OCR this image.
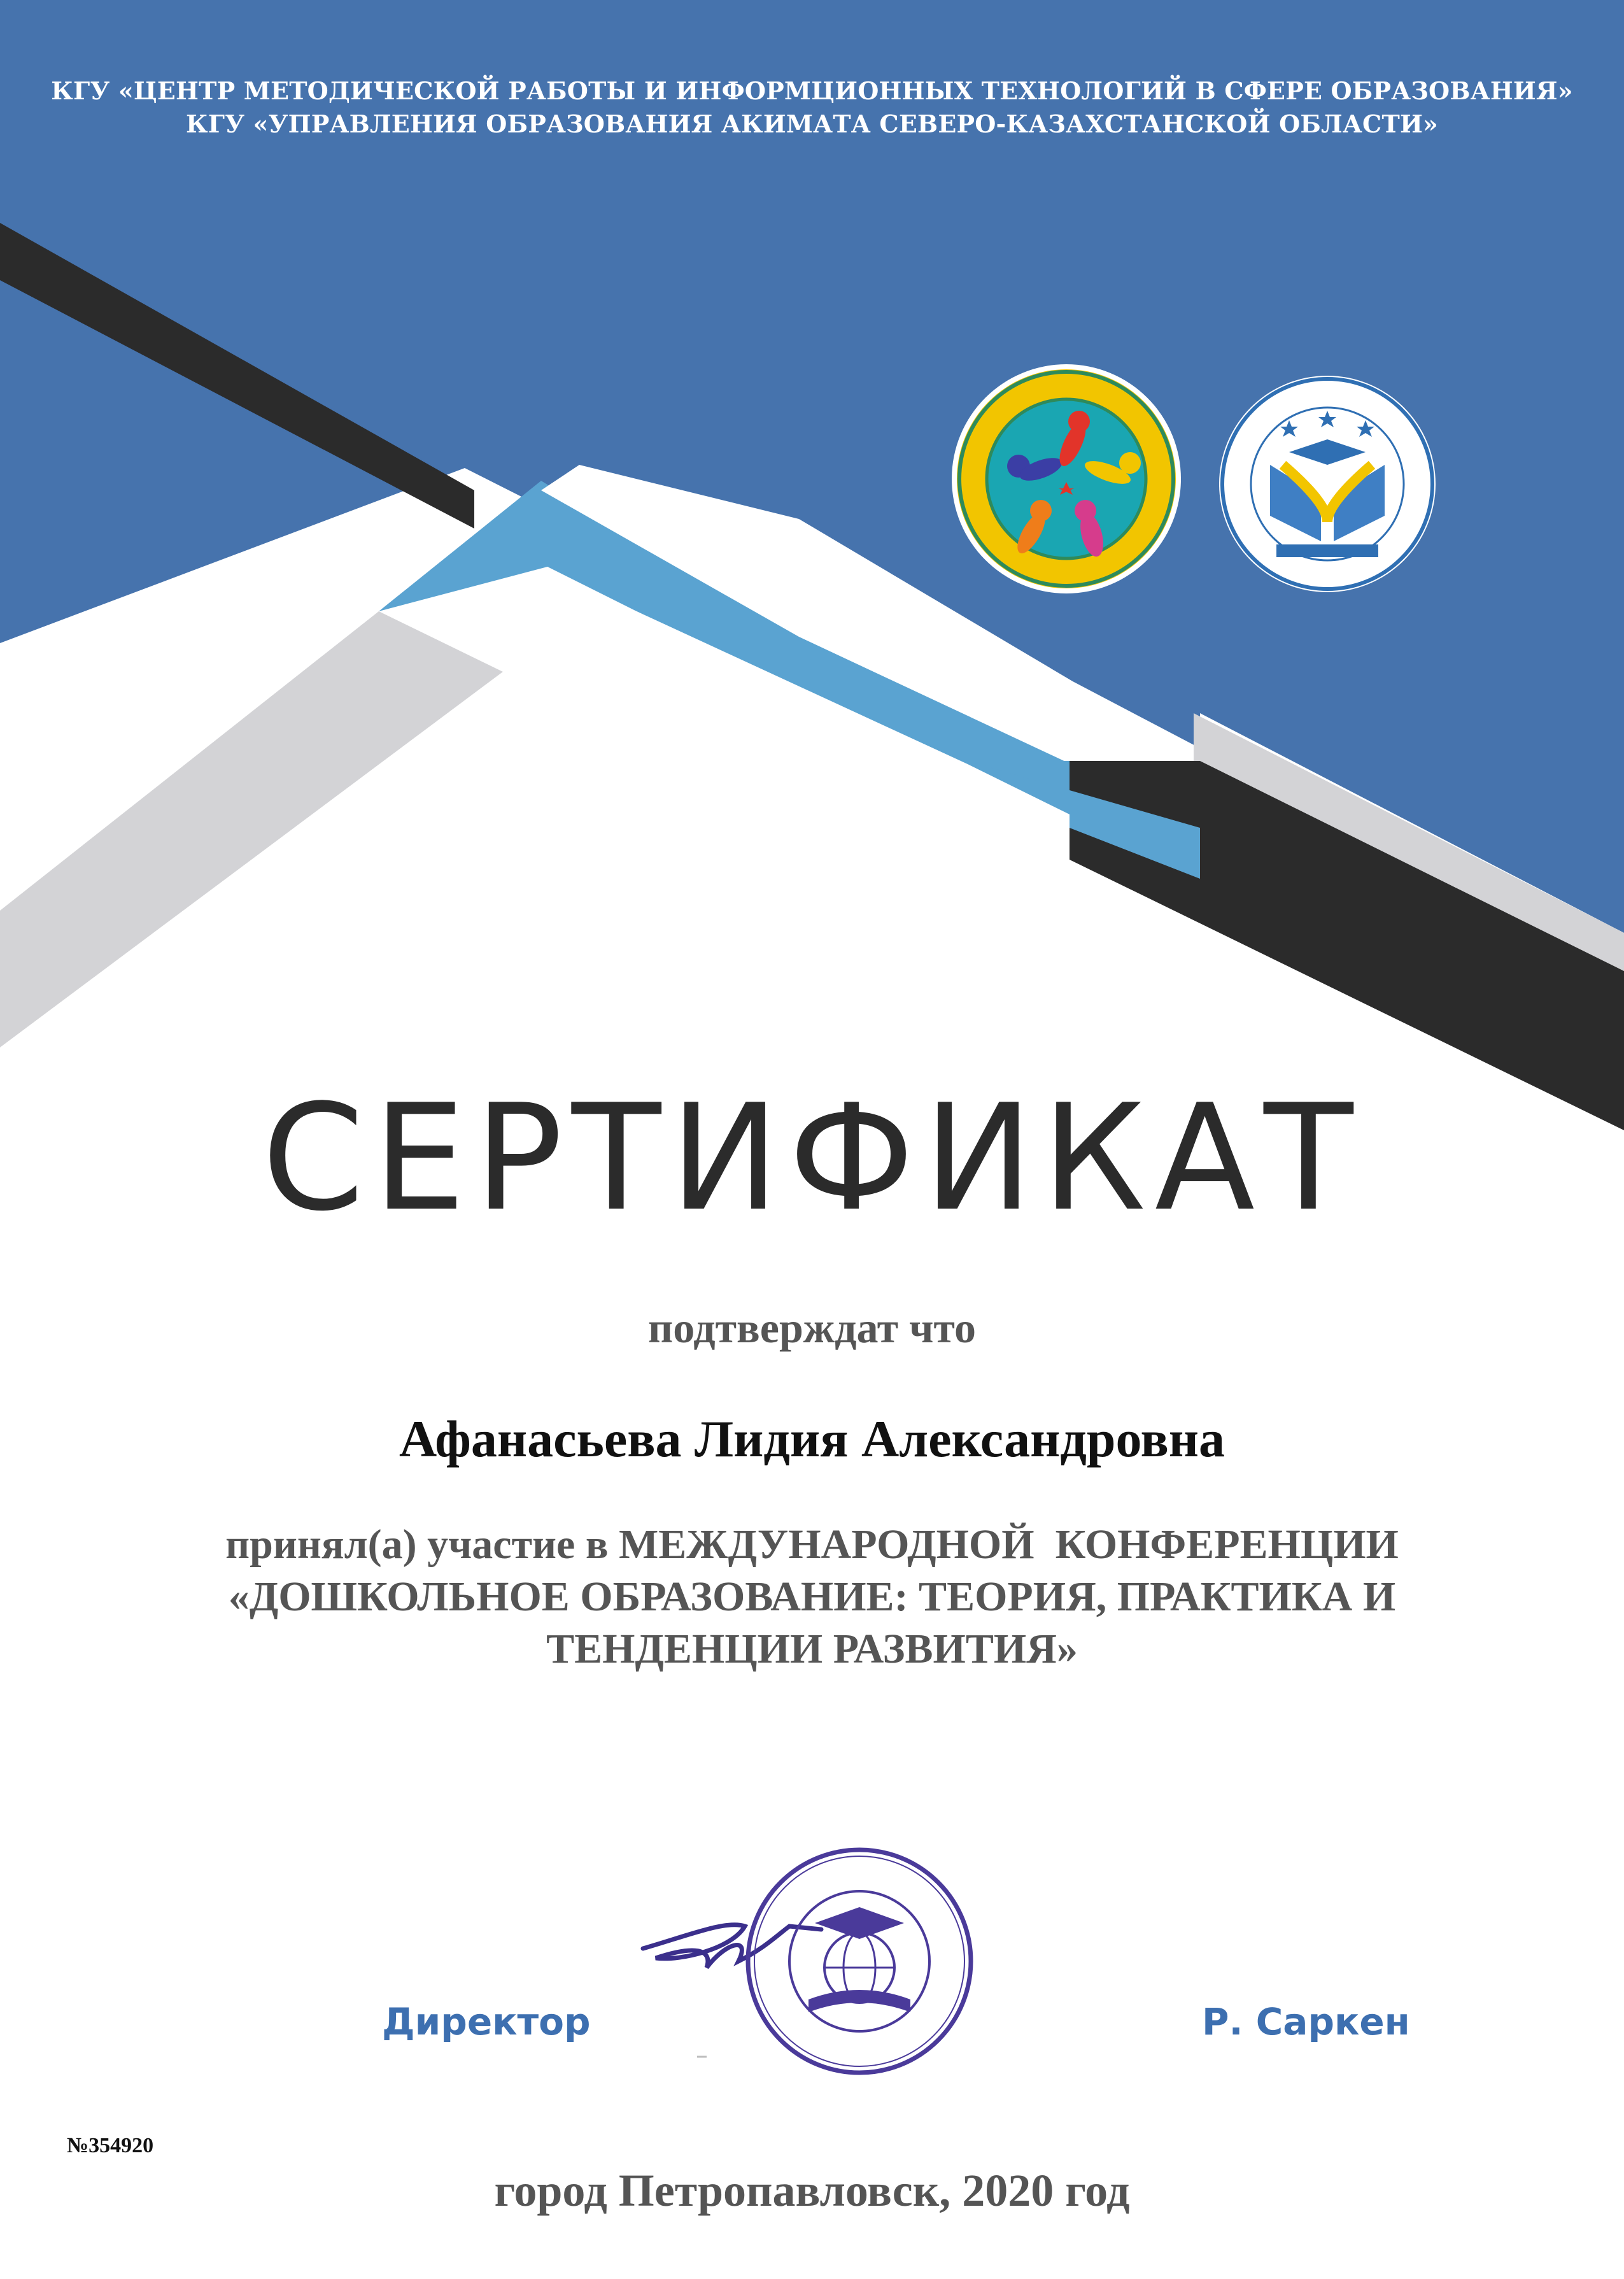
КГУ «ЦЕНТР МЕТОДИЧЕСКОЙ РАБОТЫ И ИНФОРМЦИОННЫХ ТЕХНОЛОГИЙ В СФЕРЕ ОБРАЗОВАНИЯ»
КГУ «УПРАВЛЕНИЯ ОБРАЗОВАНИЯ АКИМАТА СЕВЕРО-КАЗАХСТАНСКОЙ ОБЛАСТИ»
СЕРТИФИКАТ
подтверждат что
Афанасьева Лидия Александровна
принял(а) участие в МЕЖДУНАРОДНОЙ  КОНФЕРЕНЦИИ
«ДОШКОЛЬНОЕ ОБРАЗОВАНИЕ: ТЕОРИЯ, ПРАКТИКА И
ТЕНДЕНЦИИ РАЗВИТИЯ»
Директор	Р. Саркен
№354920
город Петропавловск, 2020 год
